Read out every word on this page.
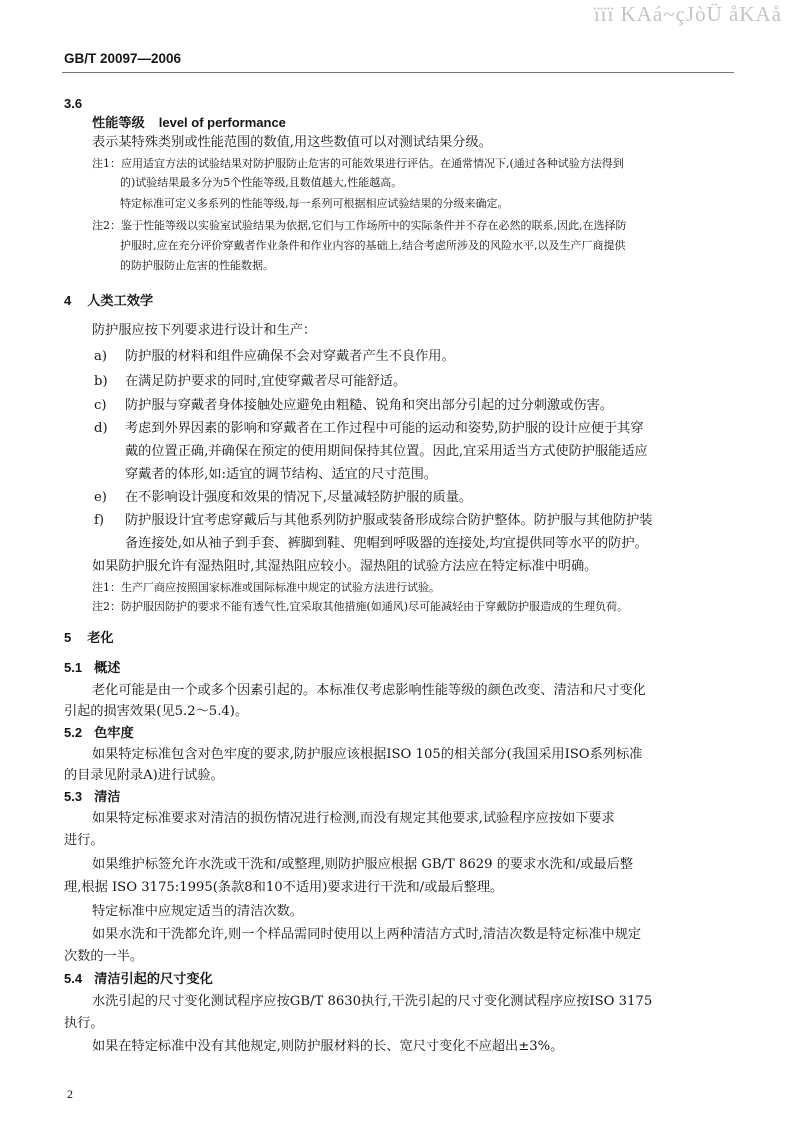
ïïï KAá~çJòÜ åKAå
GB/T 20097—2006
3.6
性能等级 level of performance
表示某特殊类别或性能范围的数值,用这些数值可以对测试结果分级。
注1：应用适宜方法的试验结果对防护服防止危害的可能效果进行评估。在通常情况下,(通过各种试验方法得到
的)试验结果最多分为5个性能等级,且数值越大,性能越高。
特定标准可定义多系列的性能等级,每一系列可根据相应试验结果的分级来确定。
注2：鉴于性能等级以实验室试验结果为依据,它们与工作场所中的实际条件并不存在必然的联系,因此,在选择防
护服时,应在充分评价穿戴者作业条件和作业内容的基础上,结合考虑所涉及的风险水平,以及生产厂商提供
的防护服防止危害的性能数据。
4 人类工效学
防护服应按下列要求进行设计和生产：
a) 防护服的材料和组件应确保不会对穿戴者产生不良作用。
b) 在满足防护要求的同时,宜使穿戴者尽可能舒适。
c) 防护服与穿戴者身体接触处应避免由粗糙、锐角和突出部分引起的过分刺激或伤害。
d) 考虑到外界因素的影响和穿戴者在工作过程中可能的运动和姿势,防护服的设计应便于其穿
戴的位置正确,并确保在预定的使用期间保持其位置。因此,宜采用适当方式使防护服能适应
穿戴者的体形,如:适宜的调节结构、适宜的尺寸范围。
e) 在不影响设计强度和效果的情况下,尽量减轻防护服的质量。
f) 防护服设计宜考虑穿戴后与其他系列防护服或装备形成综合防护整体。防护服与其他防护装
备连接处,如从袖子到手套、裤脚到鞋、兜帽到呼吸器的连接处,均宜提供同等水平的防护。
如果防护服允许有湿热阻时,其湿热阻应较小。湿热阻的试验方法应在特定标准中明确。
注1：生产厂商应按照国家标准或国际标准中规定的试验方法进行试验。
注2：防护服因防护的要求不能有透气性,宜采取其他措施(如通风)尽可能减轻由于穿戴防护服造成的生理负荷。
5 老化
5.1 概述
老化可能是由一个或多个因素引起的。本标准仅考虑影响性能等级的颜色改变、清洁和尺寸变化
引起的损害效果(见5.2～5.4)。
5.2 色牢度
如果特定标准包含对色牢度的要求,防护服应该根据ISO 105的相关部分(我国采用ISO系列标准
的目录见附录A)进行试验。
5.3 清洁
如果特定标准要求对清洁的损伤情况进行检测,而没有规定其他要求,试验程序应按如下要求
进行。
如果维护标签允许水洗或干洗和/或整理,则防护服应根据 GB/T 8629 的要求水洗和/或最后整
理,根据 ISO 3175:1995(条款8和10不适用)要求进行干洗和/或最后整理。
特定标准中应规定适当的清洁次数。
如果水洗和干洗都允许,则一个样品需同时使用以上两种清洁方式时,清洁次数是特定标准中规定
次数的一半。
5.4 清洁引起的尺寸变化
水洗引起的尺寸变化测试程序应按GB/T 8630执行,干洗引起的尺寸变化测试程序应按ISO 3175
执行。
如果在特定标准中没有其他规定,则防护服材料的长、宽尺寸变化不应超出±3%。
2
